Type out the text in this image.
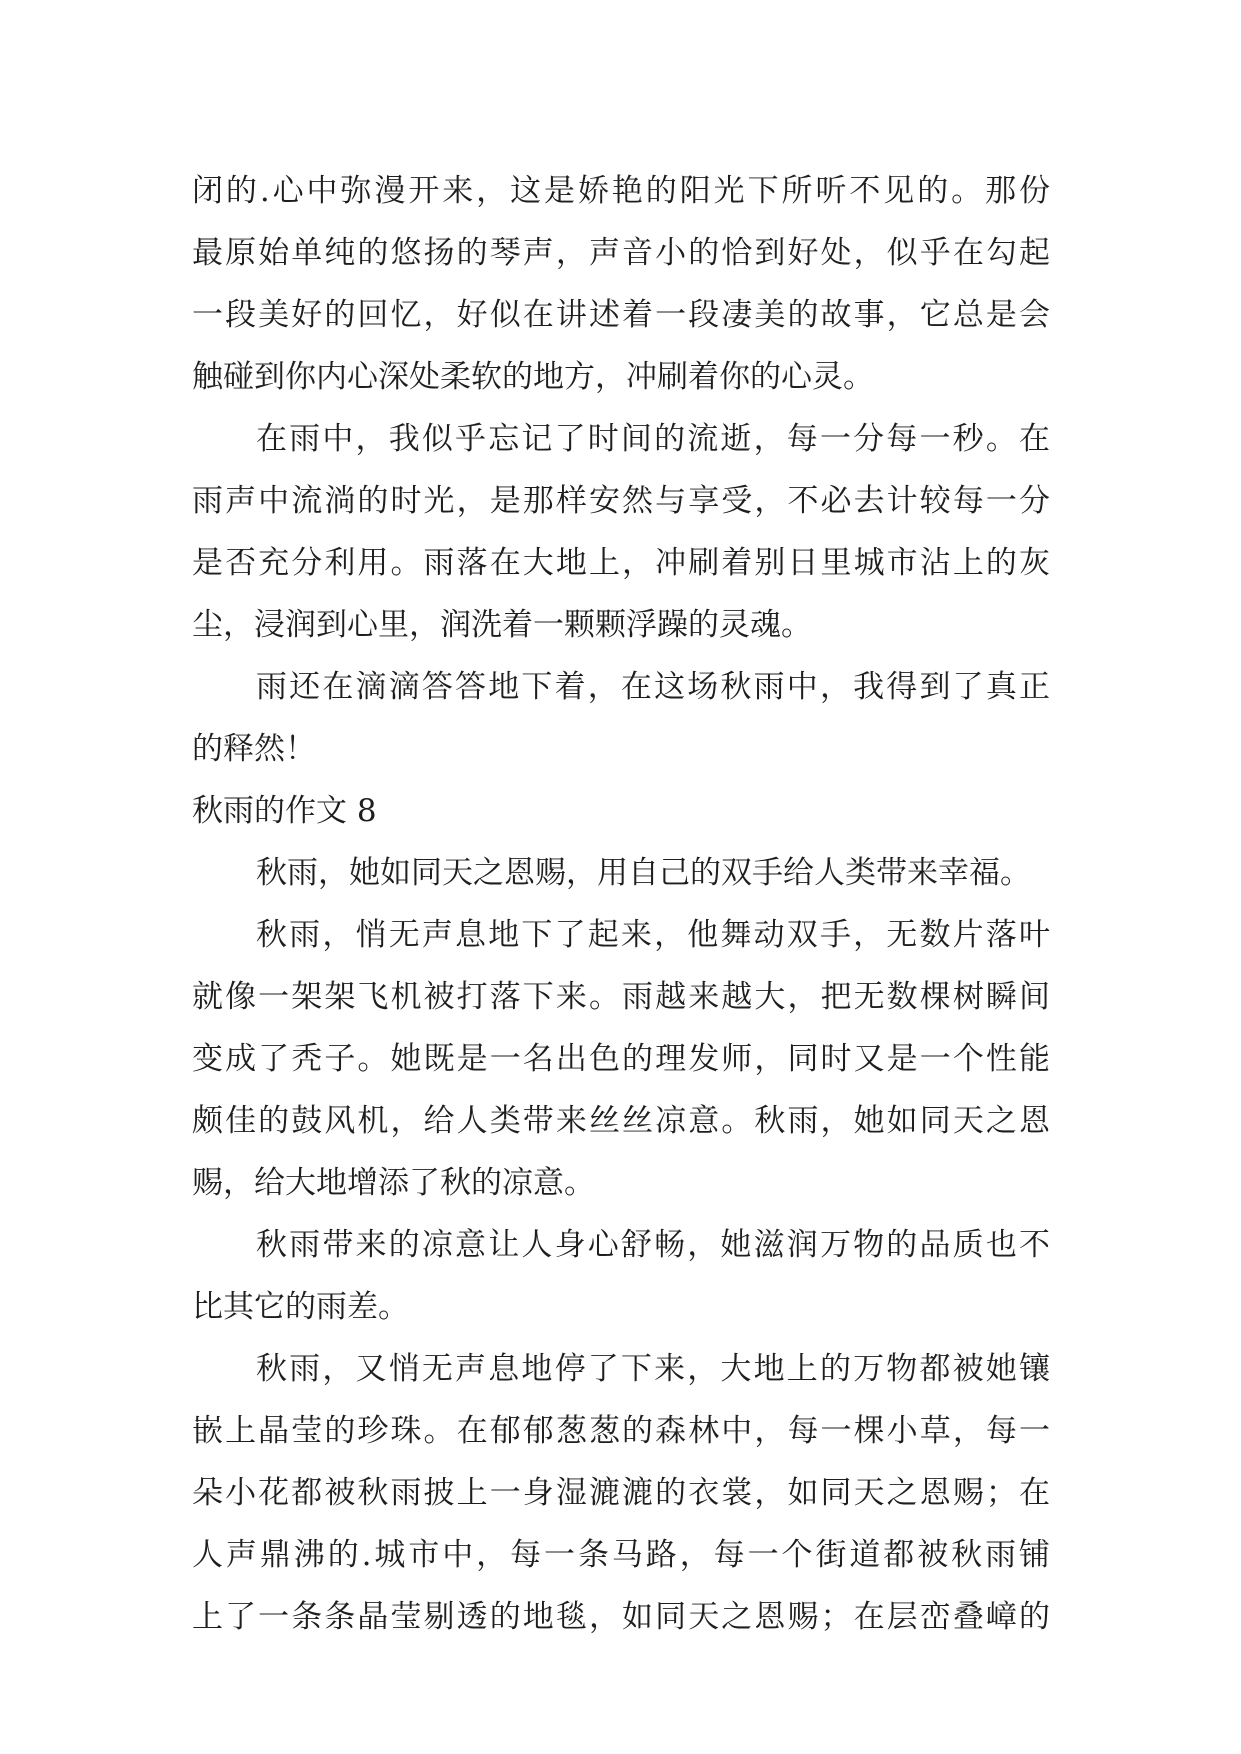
闭的.心中弥漫开来，这是娇艳的阳光下所听不见的。那份
最原始单纯的悠扬的琴声，声音小的恰到好处，似乎在勾起
一段美好的回忆，好似在讲述着一段凄美的故事，它总是会
触碰到你内心深处柔软的地方，冲刷着你的心灵。
在雨中，我似乎忘记了时间的流逝，每一分每一秒。在
雨声中流淌的时光，是那样安然与享受，不必去计较每一分
是否充分利用。雨落在大地上，冲刷着别日里城市沾上的灰
尘，浸润到心里，润洗着一颗颗浮躁的灵魂。
雨还在滴滴答答地下着，在这场秋雨中，我得到了真正
的释然！
秋雨的作文 8
秋雨，她如同天之恩赐，用自己的双手给人类带来幸福。
秋雨，悄无声息地下了起来，他舞动双手，无数片落叶
就像一架架飞机被打落下来。雨越来越大，把无数棵树瞬间
变成了秃子。她既是一名出色的理发师，同时又是一个性能
颇佳的鼓风机，给人类带来丝丝凉意。秋雨，她如同天之恩
赐，给大地增添了秋的凉意。
秋雨带来的凉意让人身心舒畅，她滋润万物的品质也不
比其它的雨差。
秋雨，又悄无声息地停了下来，大地上的万物都被她镶
嵌上晶莹的珍珠。在郁郁葱葱的森林中，每一棵小草，每一
朵小花都被秋雨披上一身湿漉漉的衣裳，如同天之恩赐；在
人声鼎沸的.城市中，每一条马路，每一个街道都被秋雨铺
上了一条条晶莹剔透的地毯，如同天之恩赐；在层峦叠嶂的
